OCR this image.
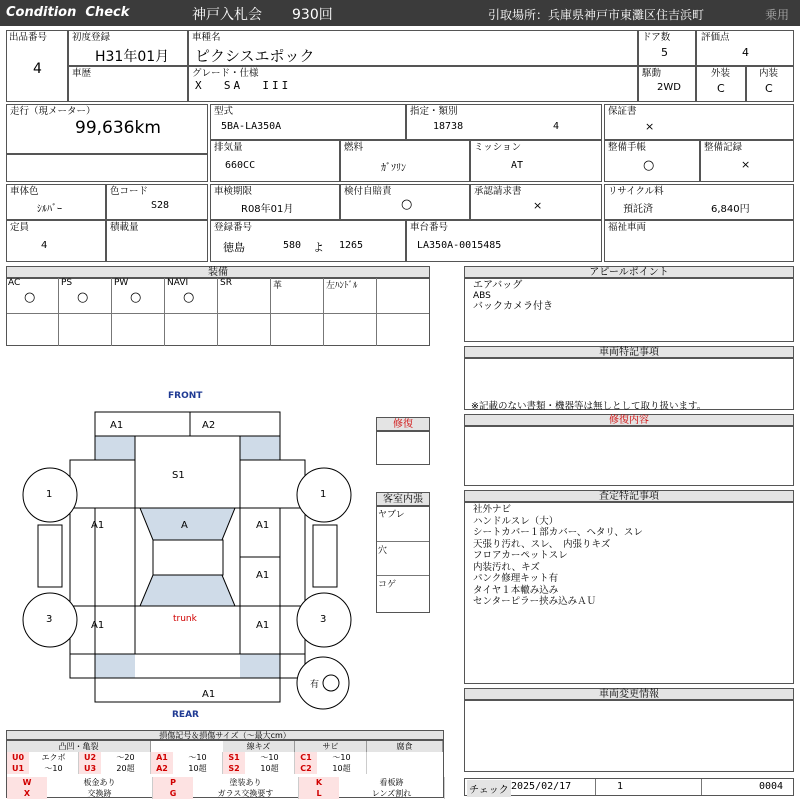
Condition  Check	神戸入札会 930回	引取場所：兵庫県神戸市東灘区住吉浜町	乗用
出品番号
4
初度登録
H31年01月
車種名
ピクシスエポック
ドア数
5
評価点
4
車歴	グレード・仕様
X  SA  III
駆動
2WD
外装
C
内装
C
走行（現メーター）
99,636km
型式
5BA-LA350A
指定・類別
18738	4
保証書
×
排気量
660CC
燃料
ｶﾞｿﾘﾝ
ミッション
AT
整備手帳
○
整備記録
×
車体色
ｼﾙﾊﾞｰ
色コード
S28
車検期限
R08年01月
検付自賠責
○
承認請求書
×
リサイクル料
預託済	6,840円
定員
4
積載量	登録番号
徳島	580 よ 1265
車台番号
LA350A-0015485
福祉車両
装備
AC
○
PS
○
PW
○
NAVI
○
SR	革	左ﾊﾝﾄﾞﾙ
アピールポイント
エアバッグ
ABS
バックカメラ付き
車両特記事項
※記載のない書類・機器等は無しとして取り扱います。
修復内容
査定特記事項
社外ナビ
ハンドルスレ（大）
シートカバー１部カバー、ヘタリ、スレ
天張り汚れ、スレ、　内張りキズ
フロアカーペットスレ
内装汚れ、キズ
パンク修理キット有
タイヤ１本轍み込み
センターピラー挟み込みＡＵ
車両変更情報
チェック 2025/02/17	1	0004
FRONT
REAR
A1	A2
S1
A
A1	A1
A1
A1	A1
A1
trunk
1	1
3	3
有
修復
客室内張
ヤブレ
穴
コゲ
損傷記号＆損傷サイズ（〜最大cm）
凸凹・亀裂	線キズ	サビ	腐食
U0	エクボ	U2	〜20	A1	〜10	S1	〜10	C1	〜10
U1	〜10	U3	20超	A2	10超	S2	10超	C2	10超
W	板金あり	P	塗装あり	K	看板跡
X	交換跡	G	ガラス交換要す	L	レンズ割れ
